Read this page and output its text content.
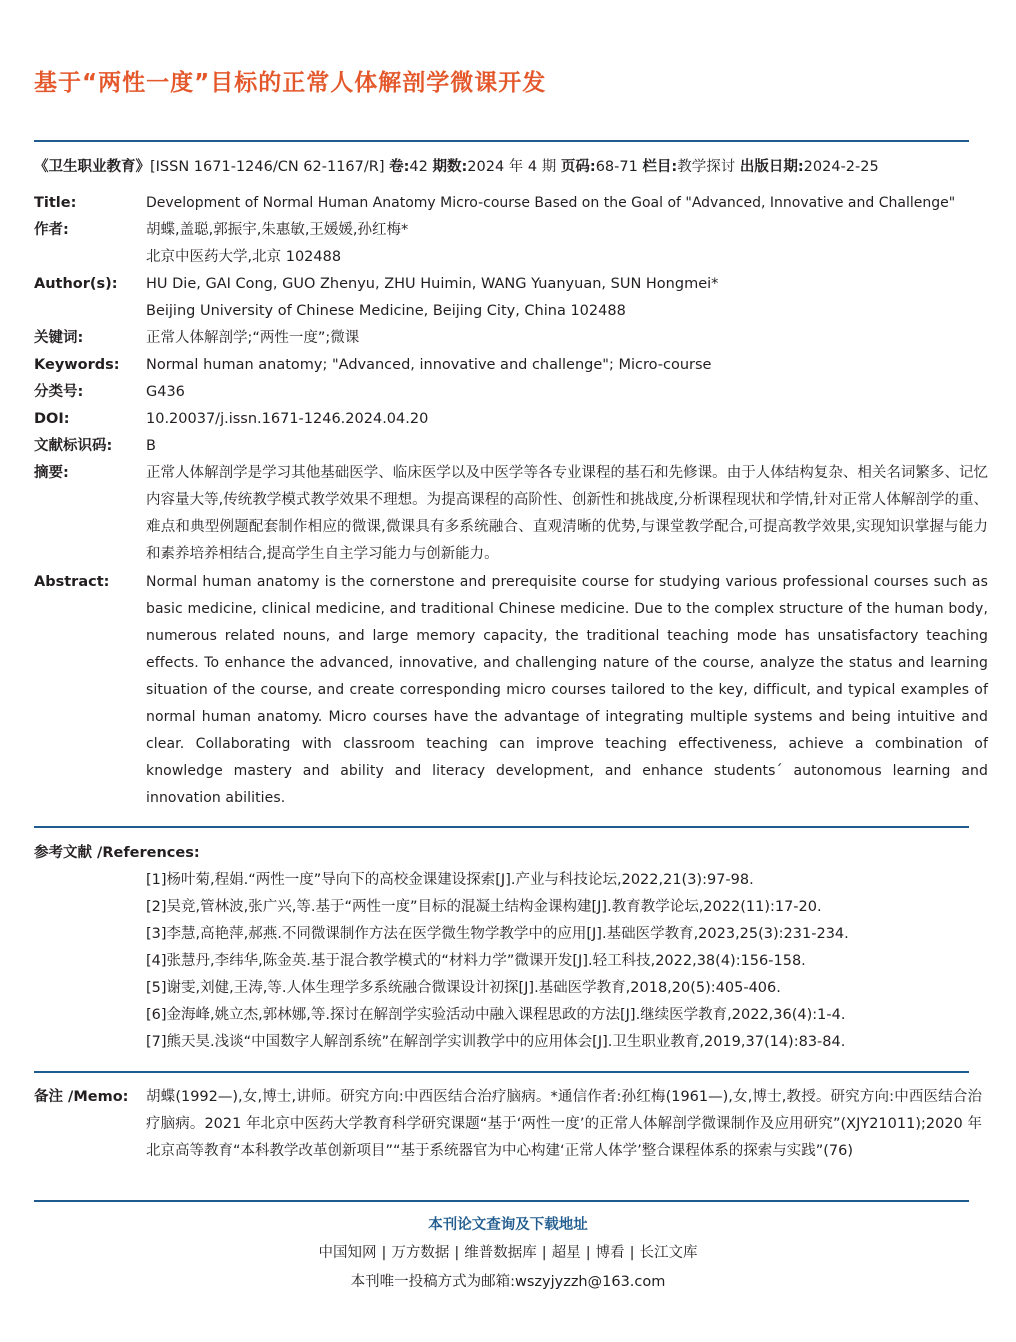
基于“两性一度”目标的正常人体解剖学微课开发
《卫生职业教育》[ISSN 1671-1246/CN 62-1167/R] 卷:42 期数:2024 年 4 期 页码:68-71 栏目:教学探讨 出版日期:2024-2-25
Title:	Development of Normal Human Anatomy Micro-course Based on the Goal of "Advanced, Innovative and Challenge"
作者:	胡蝶,盖聪,郭振宇,朱惠敏,王媛媛,孙红梅*
北京中医药大学,北京 102488
Author(s):	HU Die, GAI Cong, GUO Zhenyu, ZHU Huimin, WANG Yuanyuan, SUN Hongmei*
Beijing University of Chinese Medicine, Beijing City, China 102488
关键词:	正常人体解剖学;“两性一度”;微课
Keywords:	Normal human anatomy; "Advanced, innovative and challenge"; Micro-course
分类号:	G436
DOI:	10.20037/j.issn.1671-1246.2024.04.20
文献标识码:	B
摘要:	正常人体解剖学是学习其他基础医学、临床医学以及中医学等各专业课程的基石和先修课。由于人体结构复杂、相关名词繁多、记忆内容量大等,传统教学模式教学效果不理想。为提高课程的高阶性、创新性和挑战度,分析课程现状和学情,针对正常人体解剖学的重、难点和典型例题配套制作相应的微课,微课具有多系统融合、直观清晰的优势,与课堂教学配合,可提高教学效果,实现知识掌握与能力和素养培养相结合,提高学生自主学习能力与创新能力。
Abstract:	Normal human anatomy is the cornerstone and prerequisite course for studying various professional courses such as basic medicine, clinical medicine, and traditional Chinese medicine. Due to the complex structure of the human body, numerous related nouns, and large memory capacity, the traditional teaching mode has unsatisfactory teaching effects. To enhance the advanced, innovative, and challenging nature of the course, analyze the status and learning situation of the course, and create corresponding micro courses tailored to the key, difficult, and typical examples of normal human anatomy. Micro courses have the advantage of integrating multiple systems and being intuitive and clear. Collaborating with classroom teaching can improve teaching effectiveness, achieve a combination of knowledge mastery and ability and literacy development, and enhance students´ autonomous learning and innovation abilities.
参考文献 /References:
[1]杨叶菊,程娟.“两性一度”导向下的高校金课建设探索[J].产业与科技论坛,2022,21(3):97-98.
[2]吴竞,管林波,张广兴,等.基于“两性一度”目标的混凝土结构金课构建[J].教育教学论坛,2022(11):17-20.
[3]李慧,高艳萍,郝燕.不同微课制作方法在医学微生物学教学中的应用[J].基础医学教育,2023,25(3):231-234.
[4]张慧丹,李纬华,陈金英.基于混合教学模式的“材料力学”微课开发[J].轻工科技,2022,38(4):156-158.
[5]谢雯,刘健,王涛,等.人体生理学多系统融合微课设计初探[J].基础医学教育,2018,20(5):405-406.
[6]金海峰,姚立杰,郭林娜,等.探讨在解剖学实验活动中融入课程思政的方法[J].继续医学教育,2022,36(4):1-4.
[7]熊天昊.浅谈“中国数字人解剖系统”在解剖学实训教学中的应用体会[J].卫生职业教育,2019,37(14):83-84.
备注 /Memo: 胡蝶(1992—),女,博士,讲师。研究方向:中西医结合治疗脑病。*通信作者:孙红梅(1961—),女,博士,教授。研究方向:中西医结合治疗脑病。2021 年北京中医药大学教育科学研究课题“基于‘两性一度’的正常人体解剖学微课制作及应用研究”(XJY21011);2020 年北京高等教育“本科教学改革创新项目”“基于系统器官为中心构建‘正常人体学’整合课程体系的探索与实践”(76)
本刊论文查询及下载地址
中国知网 | 万方数据 | 维普数据库 | 超星 | 博看 | 长江文库
本刊唯一投稿方式为邮箱:wszyjyzzh@163.com
